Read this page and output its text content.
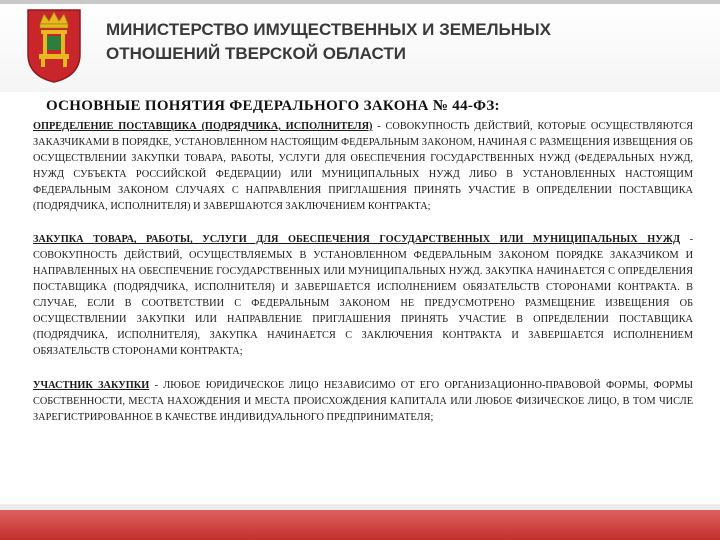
МИНИСТЕРСТВО ИМУЩЕСТВЕННЫХ И ЗЕМЕЛЬНЫХ ОТНОШЕНИЙ ТВЕРСКОЙ ОБЛАСТИ
ОСНОВНЫЕ ПОНЯТИЯ ФЕДЕРАЛЬНОГО ЗАКОНА № 44-ФЗ:

ОПРЕДЕЛЕНИЕ ПОСТАВЩИКА (ПОДРЯДЧИКА, ИСПОЛНИТЕЛЯ) - СОВОКУПНОСТЬ ДЕЙСТВИЙ, КОТОРЫЕ ОСУЩЕСТВЛЯЮТСЯ ЗАКАЗЧИКАМИ В ПОРЯДКЕ, УСТАНОВЛЕННОМ НАСТОЯЩИМ ФЕДЕРАЛЬНЫМ ЗАКОНОМ, НАЧИНАЯ С РАЗМЕЩЕНИЯ ИЗВЕЩЕНИЯ ОБ ОСУЩЕСТВЛЕНИИ ЗАКУПКИ ТОВАРА, РАБОТЫ, УСЛУГИ ДЛЯ ОБЕСПЕЧЕНИЯ ГОСУДАРСТВЕННЫХ НУЖД (ФЕДЕРАЛЬНЫХ НУЖД, НУЖД СУБЪЕКТА РОССИЙСКОЙ ФЕДЕРАЦИИ) ИЛИ МУНИЦИПАЛЬНЫХ НУЖД ЛИБО В УСТАНОВЛЕННЫХ НАСТОЯЩИМ ФЕДЕРАЛЬНЫМ ЗАКОНОМ СЛУЧАЯХ С НАПРАВЛЕНИЯ ПРИГЛАШЕНИЯ ПРИНЯТЬ УЧАСТИЕ В ОПРЕДЕЛЕНИИ ПОСТАВЩИКА (ПОДРЯДЧИКА, ИСПОЛНИТЕЛЯ) И ЗАВЕРШАЮТСЯ ЗАКЛЮЧЕНИЕМ КОНТРАКТА;

ЗАКУПКА ТОВАРА, РАБОТЫ, УСЛУГИ ДЛЯ ОБЕСПЕЧЕНИЯ ГОСУДАРСТВЕННЫХ ИЛИ МУНИЦИПАЛЬНЫХ НУЖД - СОВОКУПНОСТЬ ДЕЙСТВИЙ, ОСУЩЕСТВЛЯЕМЫХ В УСТАНОВЛЕННОМ ФЕДЕРАЛЬНЫМ ЗАКОНОМ ПОРЯДКЕ ЗАКАЗЧИКОМ И НАПРАВЛЕННЫХ НА ОБЕСПЕЧЕНИЕ ГОСУДАРСТВЕННЫХ ИЛИ МУНИЦИПАЛЬНЫХ НУЖД. ЗАКУПКА НАЧИНАЕТСЯ С ОПРЕДЕЛЕНИЯ ПОСТАВЩИКА (ПОДРЯДЧИКА, ИСПОЛНИТЕЛЯ) И ЗАВЕРШАЕТСЯ ИСПОЛНЕНИЕМ ОБЯЗАТЕЛЬСТВ СТОРОНАМИ КОНТРАКТА. В СЛУЧАЕ, ЕСЛИ В СООТВЕТСТВИИ С ФЕДЕРАЛЬНЫМ ЗАКОНОМ НЕ ПРЕДУСМОТРЕНО РАЗМЕЩЕНИЕ ИЗВЕЩЕНИЯ ОБ ОСУЩЕСТВЛЕНИИ ЗАКУПКИ ИЛИ НАПРАВЛЕНИЕ ПРИГЛАШЕНИЯ ПРИНЯТЬ УЧАСТИЕ В ОПРЕДЕЛЕНИИ ПОСТАВЩИКА (ПОДРЯДЧИКА, ИСПОЛНИТЕЛЯ), ЗАКУПКА НАЧИНАЕТСЯ С ЗАКЛЮЧЕНИЯ КОНТРАКТА И ЗАВЕРШАЕТСЯ ИСПОЛНЕНИЕМ ОБЯЗАТЕЛЬСТВ СТОРОНАМИ КОНТРАКТА;

УЧАСТНИК ЗАКУПКИ - ЛЮБОЕ ЮРИДИЧЕСКОЕ ЛИЦО НЕЗАВИСИМО ОТ ЕГО ОРГАНИЗАЦИОННО-ПРАВОВОЙ ФОРМЫ, ФОРМЫ СОБСТВЕННОСТИ, МЕСТА НАХОЖДЕНИЯ И МЕСТА ПРОИСХОЖДЕНИЯ КАПИТАЛА ИЛИ ЛЮБОЕ ФИЗИЧЕСКОЕ ЛИЦО, В ТОМ ЧИСЛЕ ЗАРЕГИСТРИРОВАННОЕ В КАЧЕСТВЕ ИНДИВИДУАЛЬНОГО ПРЕДПРИНИМАТЕЛЯ;
